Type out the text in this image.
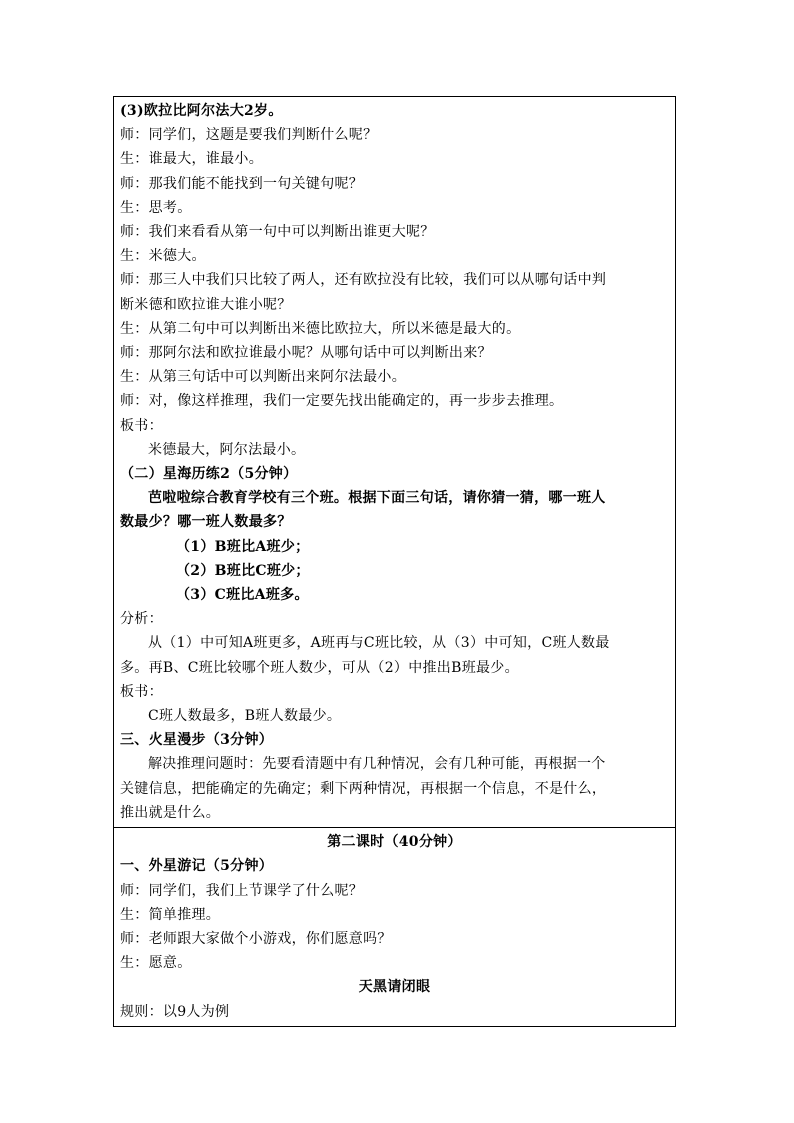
(3)欧拉比阿尔法大2岁。
师：同学们，这题是要我们判断什么呢？
生：谁最大，谁最小。
师：那我们能不能找到一句关键句呢？
生：思考。
师：我们来看看从第一句中可以判断出谁更大呢？
生：米德大。
师：那三人中我们只比较了两人，还有欧拉没有比较，我们可以从哪句话中判
断米德和欧拉谁大谁小呢？
生：从第二句中可以判断出米德比欧拉大，所以米德是最大的。
师：那阿尔法和欧拉谁最小呢？从哪句话中可以判断出来？
生：从第三句话中可以判断出来阿尔法最小。
师：对，像这样推理，我们一定要先找出能确定的，再一步步去推理。
板书：
米德最大，阿尔法最小。
（二）星海历练2（5分钟）
芭啦啦综合教育学校有三个班。根据下面三句话，请你猜一猜，哪一班人
数最少？哪一班人数最多？
（1）B班比A班少；
（2）B班比C班少；
（3）C班比A班多。
分析：
从（1）中可知A班更多，A班再与C班比较，从（3）中可知，C班人数最
多。再B、C班比较哪个班人数少，可从（2）中推出B班最少。
板书：
C班人数最多，B班人数最少。
三、火星漫步（3分钟）
解决推理问题时：先要看清题中有几种情况，会有几种可能，再根据一个
关键信息，把能确定的先确定；剩下两种情况，再根据一个信息，不是什么，
推出就是什么。
第二课时（40分钟）
一、外星游记（5分钟）
师：同学们，我们上节课学了什么呢？
生：简单推理。
师：老师跟大家做个小游戏，你们愿意吗？
生：愿意。
天黑请闭眼
规则：以9人为例
